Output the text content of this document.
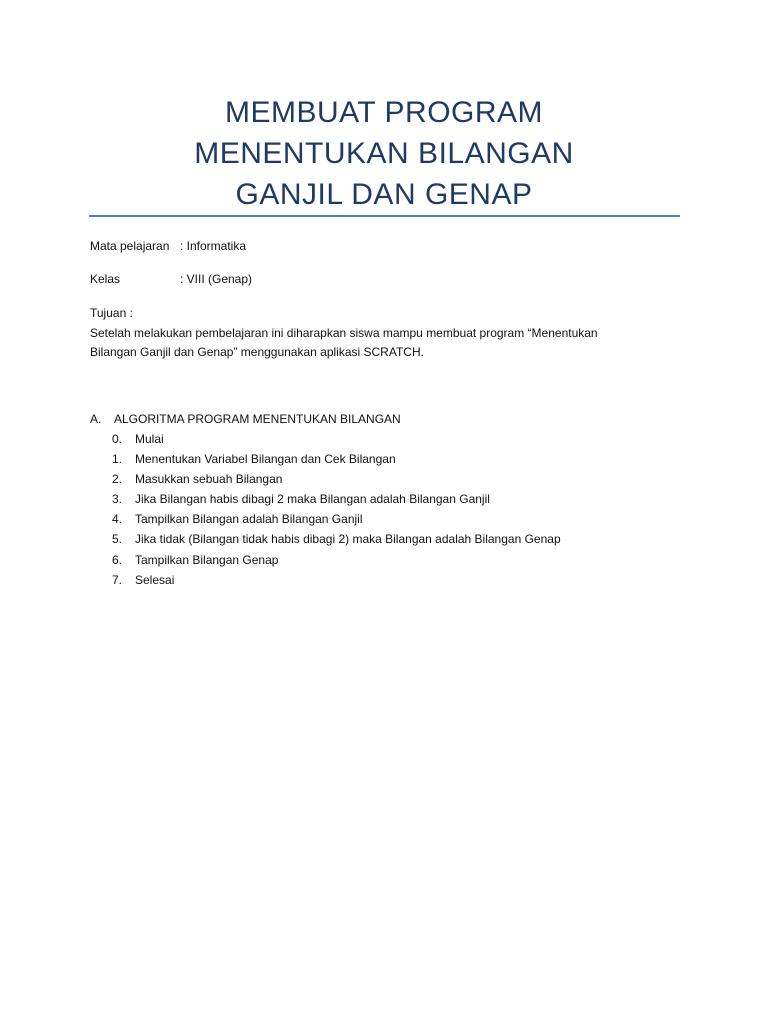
MEMBUAT PROGRAM
MENENTUKAN BILANGAN
GANJIL DAN GENAP
Mata pelajaran : Informatika
Kelas	: VIII (Genap)
Tujuan :
Setelah melakukan pembelajaran ini diharapkan siswa mampu membuat program “Menentukan
Bilangan Ganjil dan Genap” menggunakan aplikasi SCRATCH.
A.	ALGORITMA PROGRAM MENENTUKAN BILANGAN
0.	Mulai
1.	Menentukan Variabel Bilangan dan Cek Bilangan
2.	Masukkan sebuah Bilangan
3.	Jika Bilangan habis dibagi 2 maka Bilangan adalah Bilangan Ganjil
4.	Tampilkan Bilangan adalah Bilangan Ganjil
5.	Jika tidak (Bilangan tidak habis dibagi 2) maka Bilangan adalah Bilangan Genap
6.	Tampilkan Bilangan Genap
7.	Selesai
